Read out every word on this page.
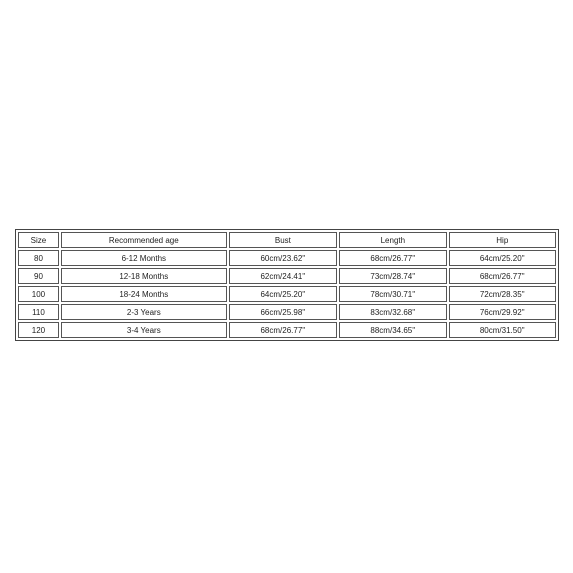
Size	Recommended age	Bust	Length	Hip
80	6-12 Months	60cm/23.62''	68cm/26.77''	64cm/25.20''
90	12-18 Months	62cm/24.41''	73cm/28.74''	68cm/26.77''
100	18-24 Months	64cm/25.20''	78cm/30.71''	72cm/28.35''
110	2-3 Years	66cm/25.98''	83cm/32.68''	76cm/29.92''
120	3-4 Years	68cm/26.77''	88cm/34.65''	80cm/31.50''
